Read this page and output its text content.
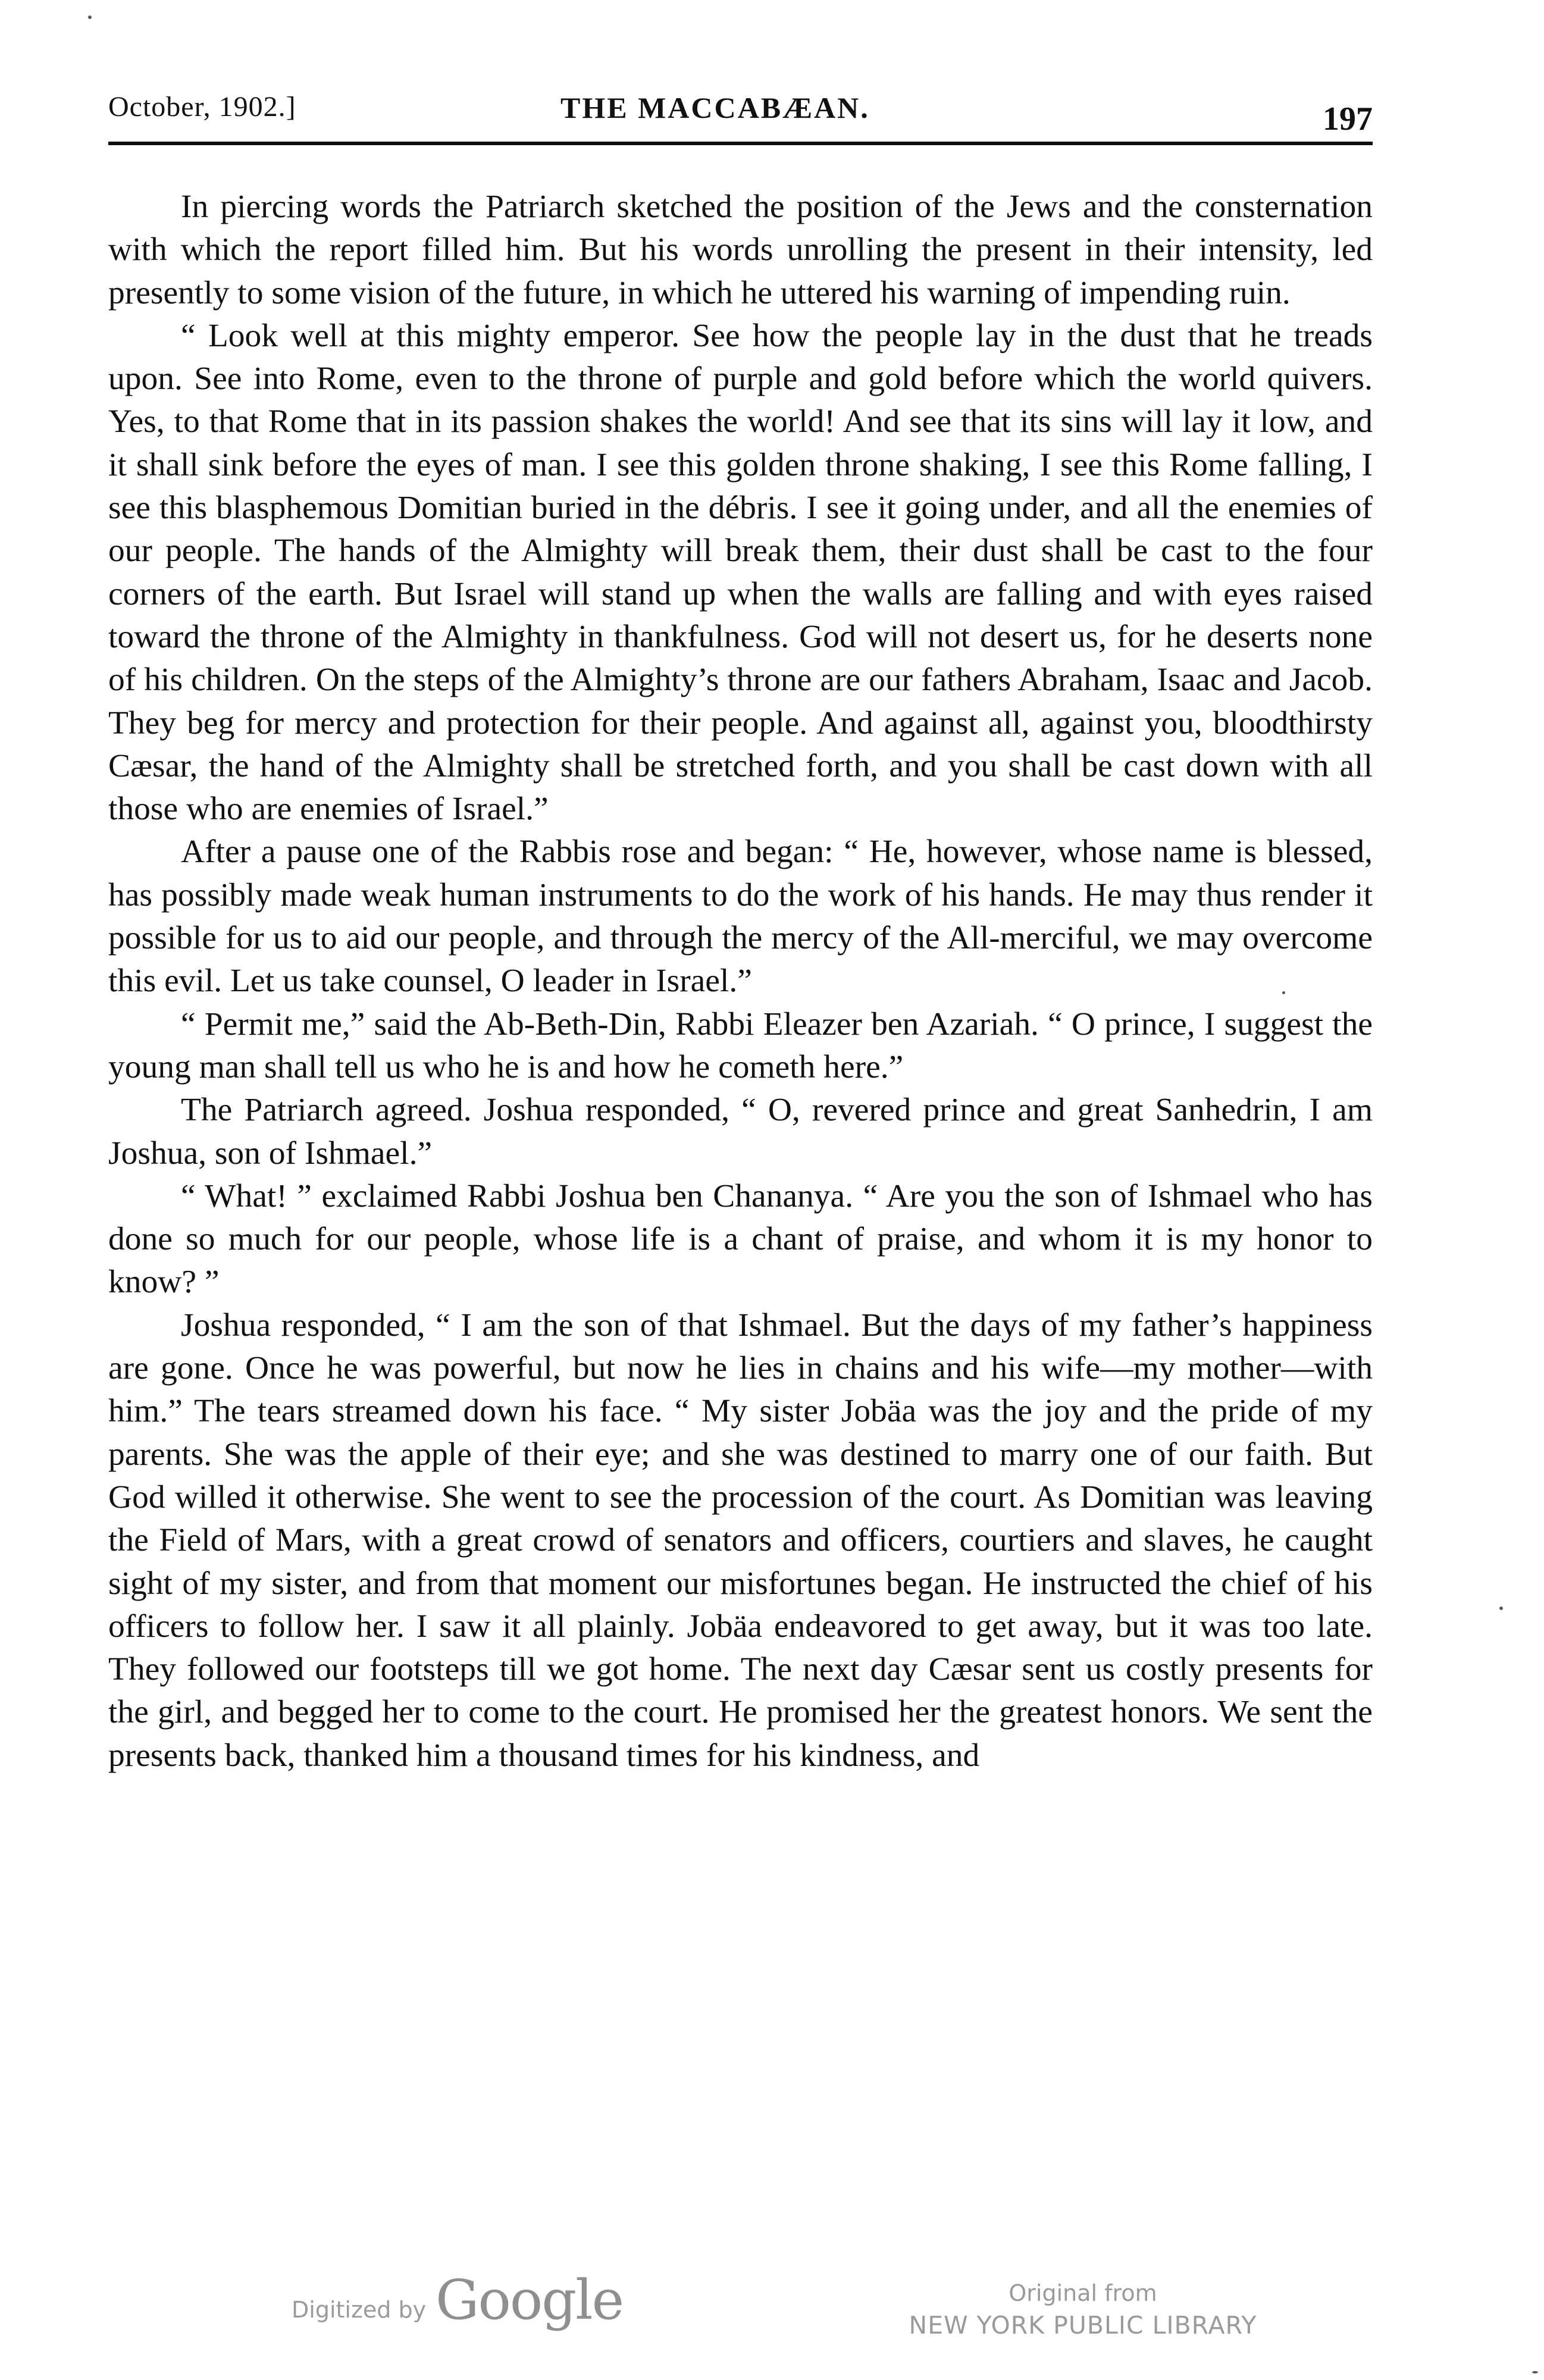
October, 1902.]	THE MACCABÆAN.	197

In piercing words the Patriarch sketched the position of the Jews and the consternation with which the report filled him. But his words unrolling the present in their intensity, led presently to some vision of the future, in which he uttered his warning of impending ruin.

“ Look well at this mighty emperor. See how the people lay in the dust that he treads upon. See into Rome, even to the throne of purple and gold before which the world quivers. Yes, to that Rome that in its passion shakes the world! And see that its sins will lay it low, and it shall sink before the eyes of man. I see this golden throne shaking, I see this Rome falling, I see this blasphemous Domitian buried in the débris. I see it going under, and all the enemies of our people. The hands of the Almighty will break them, their dust shall be cast to the four corners of the earth. But Israel will stand up when the walls are falling and with eyes raised toward the throne of the Almighty in thankfulness. God will not desert us, for he deserts none of his children. On the steps of the Almighty’s throne are our fathers Abraham, Isaac and Jacob. They beg for mercy and protection for their people. And against all, against you, bloodthirsty Cæsar, the hand of the Almighty shall be stretched forth, and you shall be cast down with all those who are enemies of Israel.”

After a pause one of the Rabbis rose and began: “ He, however, whose name is blessed, has possibly made weak human instruments to do the work of his hands. He may thus render it possible for us to aid our people, and through the mercy of the All-merciful, we may overcome this evil. Let us take counsel, O leader in Israel.”

“ Permit me,” said the Ab-Beth-Din, Rabbi Eleazer ben Azariah. “ O prince, I suggest the young man shall tell us who he is and how he cometh here.”

The Patriarch agreed. Joshua responded, “ O, revered prince and great Sanhedrin, I am Joshua, son of Ishmael.”

“ What! ” exclaimed Rabbi Joshua ben Chananya. “ Are you the son of Ishmael who has done so much for our people, whose life is a chant of praise, and whom it is my honor to know? ”

Joshua responded, “ I am the son of that Ishmael. But the days of my father’s happiness are gone. Once he was powerful, but now he lies in chains and his wife—my mother—with him.” The tears streamed down his face. “ My sister Jobäa was the joy and the pride of my parents. She was the apple of their eye; and she was destined to marry one of our faith. But God willed it otherwise. She went to see the procession of the court. As Domitian was leaving the Field of Mars, with a great crowd of senators and officers, courtiers and slaves, he caught sight of my sister, and from that moment our misfortunes began. He instructed the chief of his officers to follow her. I saw it all plainly. Jobäa endeavored to get away, but it was too late. They followed our footsteps till we got home. The next day Cæsar sent us costly presents for the girl, and begged her to come to the court. He promised her the greatest honors. We sent the presents back, thanked him a thousand times for his kindness, and

Digitized by Google	Original from
NEW YORK PUBLIC LIBRARY
